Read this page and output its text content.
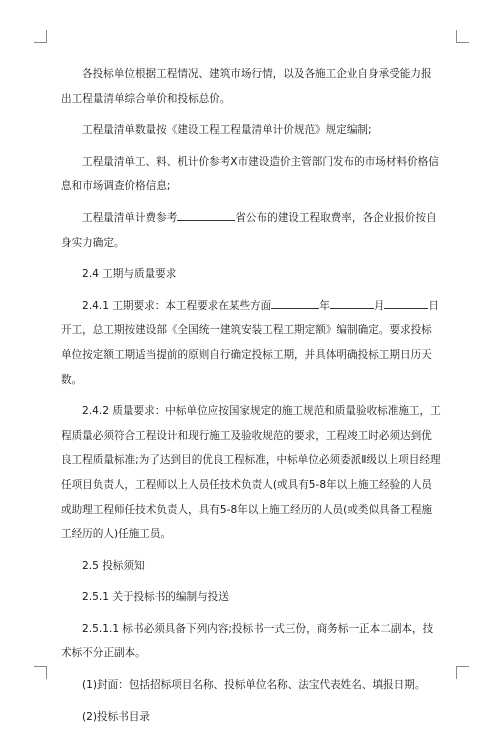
各投标单位根据工程情况、建筑市场行情，以及各施工企业自身承受能力报出工程量清单综合单价和投标总价。

工程量清单数量按《建设工程工程量清单计价规范》规定编制;

工程量清单工、料、机计价参考X市建设造价主管部门发布的市场材料价格信息和市场调查价格信息;

工程量清单计费参考	省公布的建设工程取费率，各企业报价按自身实力确定。

2.4 工期与质量要求

2.4.1 工期要求：本工程要求在某些方面	年	月	日开工，总工期按建设部《全国统一建筑安装工程工期定额》编制确定。要求投标单位按定额工期适当提前的原则自行确定投标工期，并具体明确投标工期日历天数。

2.4.2 质量要求：中标单位应按国家规定的施工规范和质量验收标准施工，工程质量必须符合工程设计和现行施工及验收规范的要求，工程竣工时必须达到优良工程质量标准;为了达到目的优良工程标准，中标单位必须委派Ⅱ级以上项目经理任项目负责人，工程师以上人员任技术负责人(或具有5-8年以上施工经验的人员或助理工程师任技术负责人，具有5-8年以上施工经历的人员(或类似具备工程施工经历的人)任施工员。

2.5 投标须知

2.5.1 关于投标书的编制与投送

2.5.1.1 标书必须具备下列内容;投标书一式三份，商务标一正本二副本，技术标不分正副本。

(1)封面：包括招标项目名称、投标单位名称、法宝代表姓名、填报日期。

(2)投标书目录
